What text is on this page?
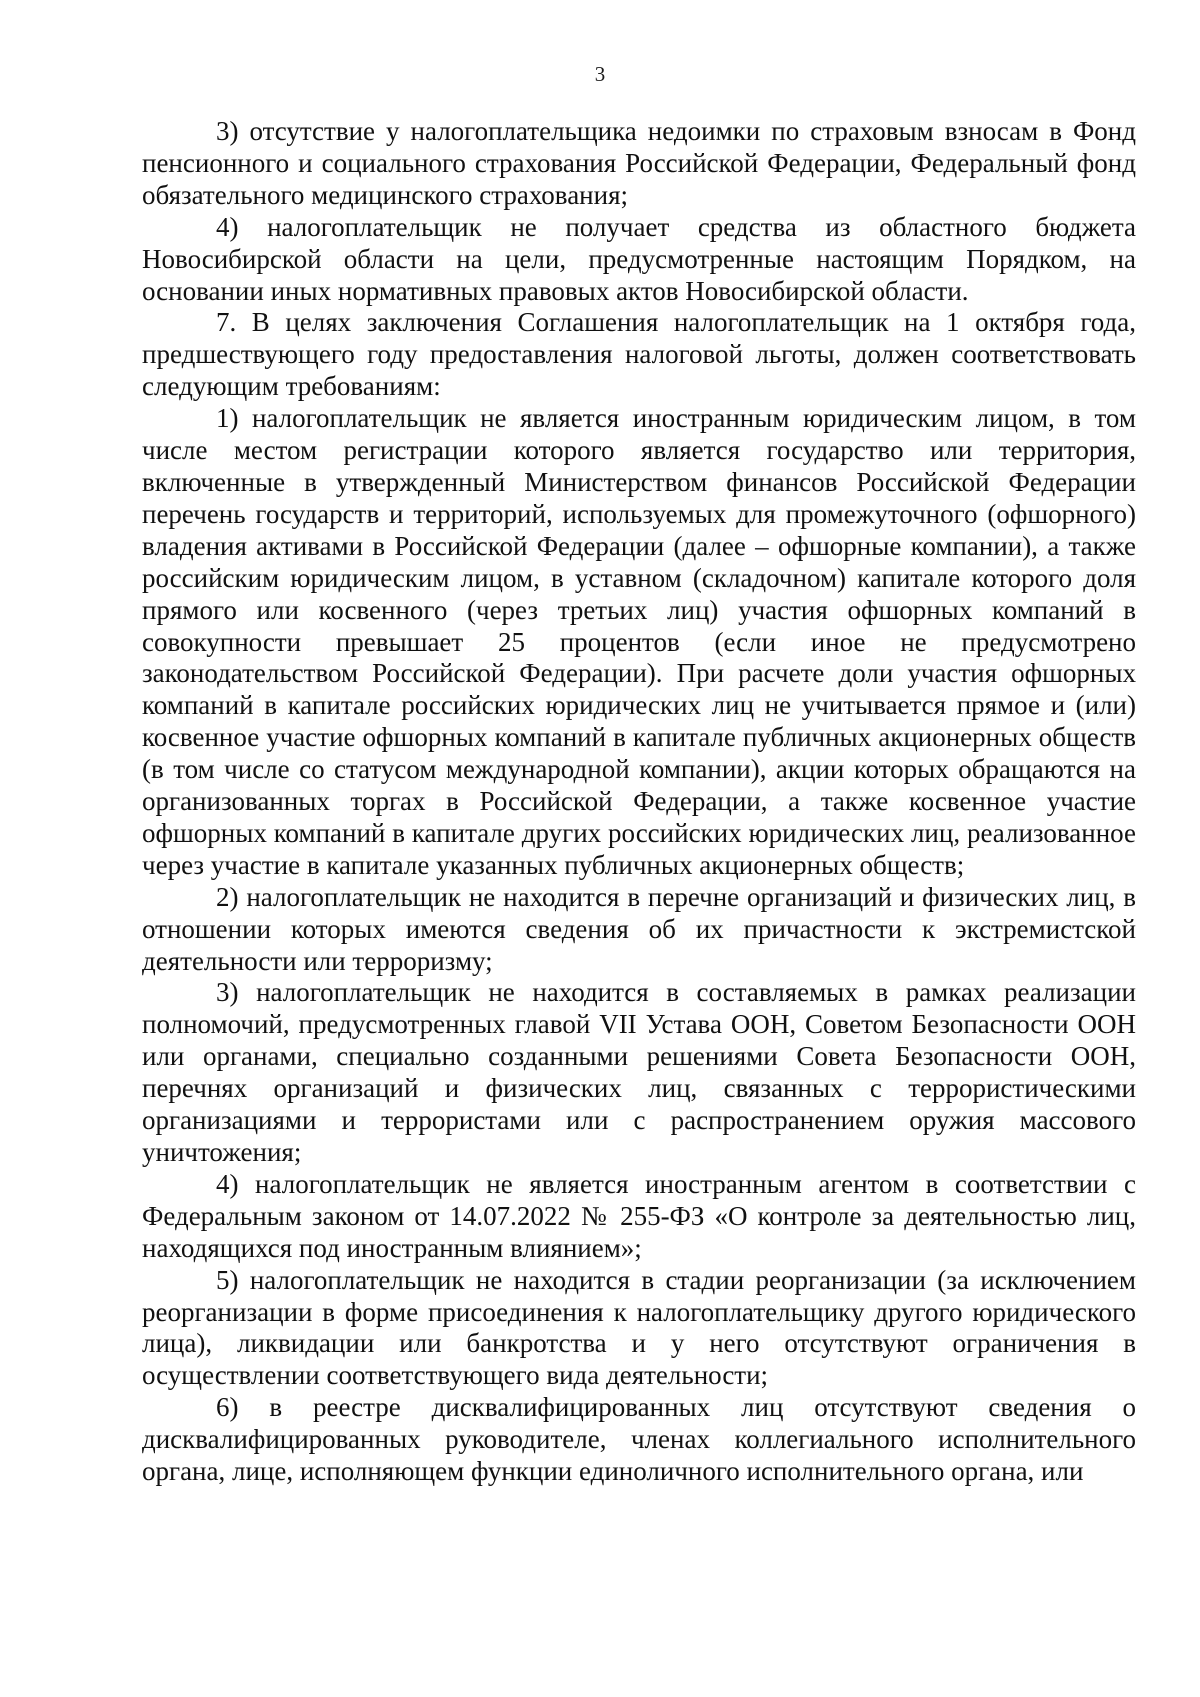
3

3) отсутствие у налогоплательщика недоимки по страховым взносам в Фонд пенсионного и социального страхования Российской Федерации, Федеральный фонд обязательного медицинского страхования;

4) налогоплательщик не получает средства из областного бюджета Новосибирской области на цели, предусмотренные настоящим Порядком, на основании иных нормативных правовых актов Новосибирской области.

7. В целях заключения Соглашения налогоплательщик на 1 октября года, предшествующего году предоставления налоговой льготы, должен соответствовать следующим требованиям:

1) налогоплательщик не является иностранным юридическим лицом, в том числе местом регистрации которого является государство или территория, включенные в утвержденный Министерством финансов Российской Федерации перечень государств и территорий, используемых для промежуточного (офшорного) владения активами в Российской Федерации (далее – офшорные компании), а также российским юридическим лицом, в уставном (складочном) капитале которого доля прямого или косвенного (через третьих лиц) участия офшорных компаний в совокупности превышает 25 процентов (если иное не предусмотрено законодательством Российской Федерации). При расчете доли участия офшорных компаний в капитале российских юридических лиц не учитывается прямое и (или) косвенное участие офшорных компаний в капитале публичных акционерных обществ (в том числе со статусом международной компании), акции которых обращаются на организованных торгах в Российской Федерации, а также косвенное участие офшорных компаний в капитале других российских юридических лиц, реализованное через участие в капитале указанных публичных акционерных обществ;

2) налогоплательщик не находится в перечне организаций и физических лиц, в отношении которых имеются сведения об их причастности к экстремистской деятельности или терроризму;

3) налогоплательщик не находится в составляемых в рамках реализации полномочий, предусмотренных главой VII Устава ООН, Советом Безопасности ООН или органами, специально созданными решениями Совета Безопасности ООН, перечнях организаций и физических лиц, связанных с террористическими организациями и террористами или с распространением оружия массового уничтожения;

4) налогоплательщик не является иностранным агентом в соответствии с Федеральным законом от 14.07.2022 № 255-ФЗ «О контроле за деятельностью лиц, находящихся под иностранным влиянием»;

5) налогоплательщик не находится в стадии реорганизации (за исключением реорганизации в форме присоединения к налогоплательщику другого юридического лица), ликвидации или банкротства и у него отсутствуют ограничения в осуществлении соответствующего вида деятельности;

6) в реестре дисквалифицированных лиц отсутствуют сведения о дисквалифицированных руководителе, членах коллегиального исполнительного органа, лице, исполняющем функции единоличного исполнительного органа, или
